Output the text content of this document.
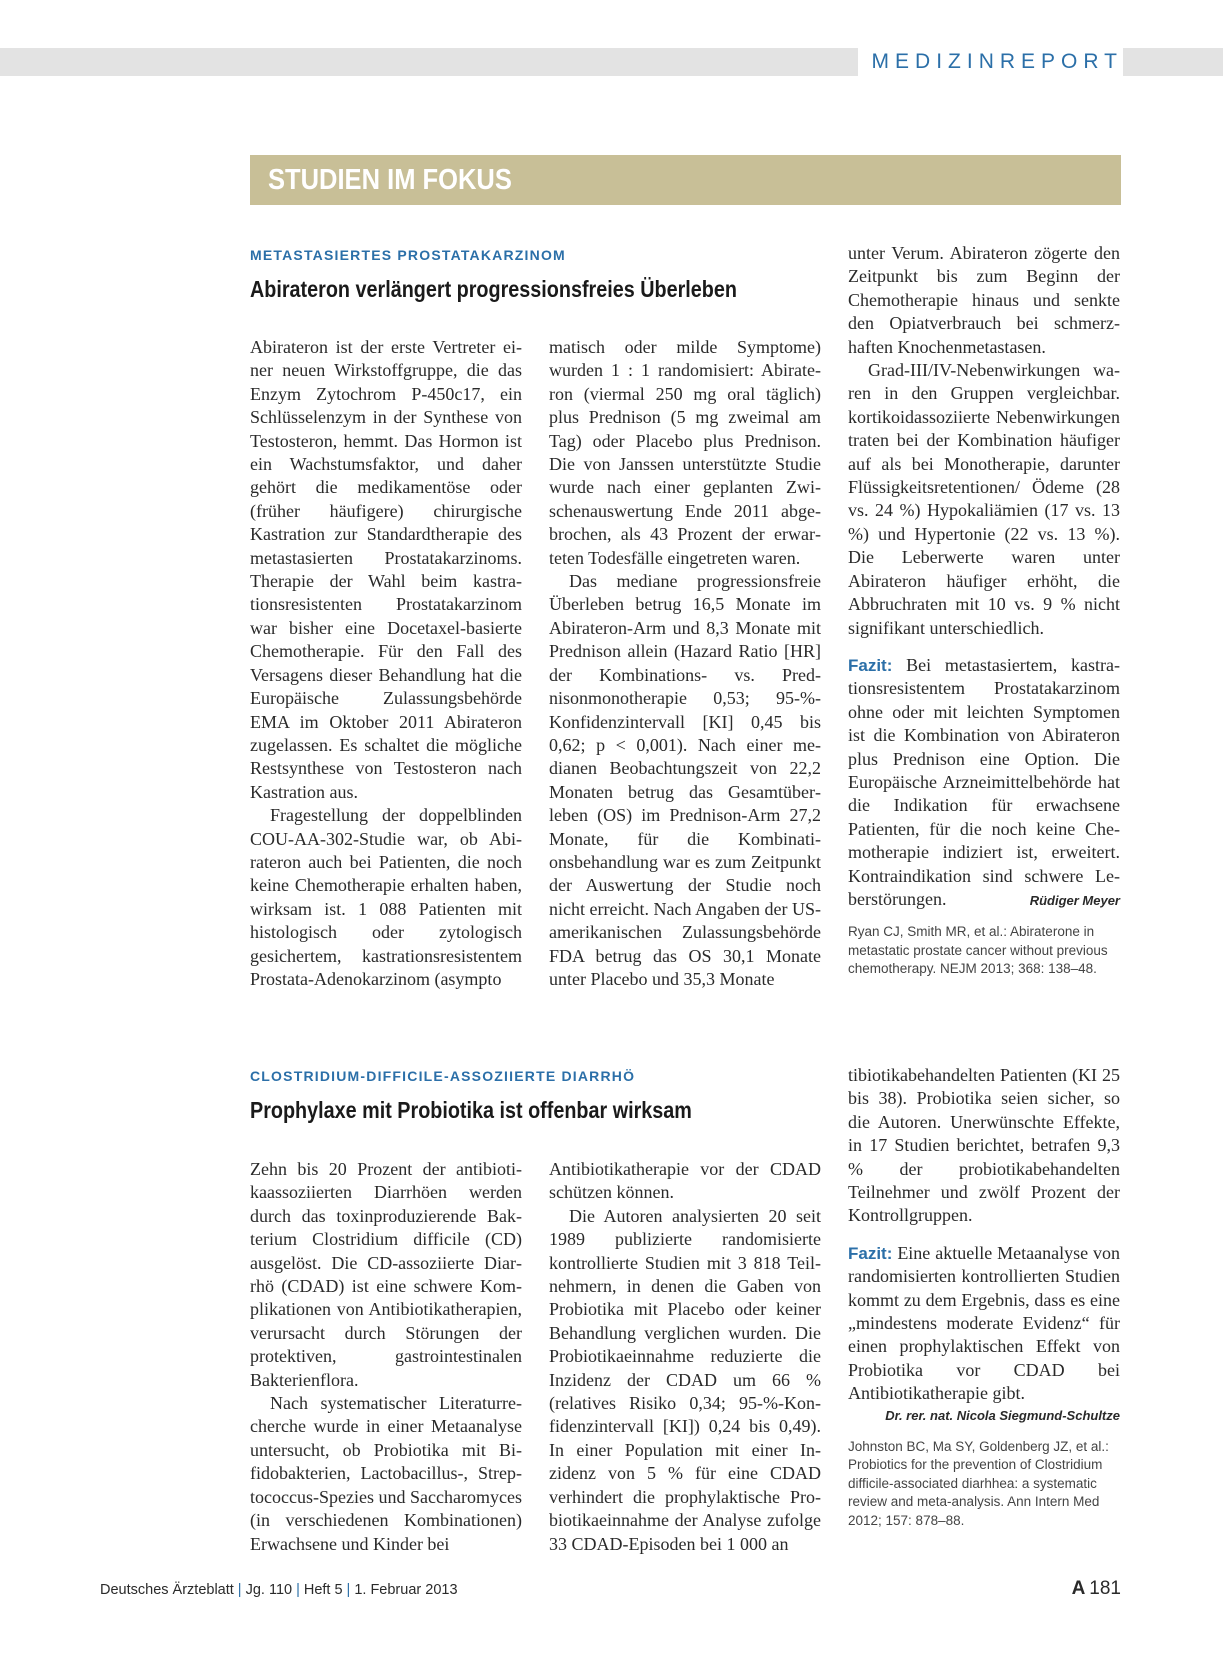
MEDIZINREPORT
STUDIEN IM FOKUS
METASTASIERTES PROSTATAKARZINOM
Abirateron verlängert progressionsfreies Überleben

Abirateron ist der erste Vertreter einer neuen Wirkstoffgruppe, die das Enzym Zytochrom P-450c17, ein Schlüsselenzym in der Synthese von Testosteron, hemmt. Das Hormon ist ein Wachstumsfaktor, und daher gehört die medikamentöse oder (früher häufigere) chirurgische Kastration zur Standardtherapie des metastasierten Prostatakarzinoms. Therapie der Wahl beim kastrationsresistenten Prostatakarzinom war bisher eine Docetaxel-basierte Chemotherapie. Für den Fall des Versagens dieser Behandlung hat die Europäische Zulassungsbehörde EMA im Oktober 2011 Abirateron zugelassen. Es schaltet die mögliche Restsynthese von Testosteron nach Kastration aus.

Fragestellung der doppelblinden COU-AA-302-Studie war, ob Abirateron auch bei Patienten, die noch keine Chemotherapie erhalten haben, wirksam ist. 1 088 Patienten mit histologisch oder zytologisch gesichertem, kastrationsresistentem Prostata-Adenokarzinom (asympto

matisch oder milde Symptome) wurden 1 : 1 randomisiert: Abirateron (viermal 250 mg oral täglich) plus Prednison (5 mg zweimal am Tag) oder Placebo plus Prednison. Die von Janssen unterstützte Studie wurde nach einer geplanten Zwischenauswertung Ende 2011 abgebrochen, als 43 Prozent der erwarteten Todesfälle eingetreten waren.

Das mediane progressionsfreie Überleben betrug 16,5 Monate im Abirateron-Arm und 8,3 Monate mit Prednison allein (Hazard Ratio [HR] der Kombinations- vs. Prednisonmonotherapie 0,53; 95-%-Konfidenzintervall [KI] 0,45 bis 0,62; p < 0,001). Nach einer medianen Beobachtungszeit von 22,2 Monaten betrug das Gesamtüberleben (OS) im Prednison-Arm 27,2 Monate, für die Kombinationsbehandlung war es zum Zeitpunkt der Auswertung der Studie noch nicht erreicht. Nach Angaben der US-amerikanischen Zulassungsbehörde FDA betrug das OS 30,1 Monate unter Placebo und 35,3 Monate

unter Verum. Abirateron zögerte den Zeitpunkt bis zum Beginn der Chemotherapie hinaus und senkte den Opiatverbrauch bei schmerzhaften Knochenmetastasen.

Grad-III/IV-Nebenwirkungen waren in den Gruppen vergleichbar. kortikoidassoziierte Nebenwirkungen traten bei der Kombination häufiger auf als bei Monotherapie, darunter Flüssigkeitsretentionen/ Ödeme (28 vs. 24 %) Hypokaliämien (17 vs. 13 %) und Hypertonie (22 vs. 13 %). Die Leberwerte waren unter Abirateron häufiger erhöht, die Abbruchraten mit 10 vs. 9 % nicht signifikant unterschiedlich.

Fazit: Bei metastasiertem, kastrationsresistentem Prostatakarzinom ohne oder mit leichten Symptomen ist die Kombination von Abirateron plus Prednison eine Option. Die Europäische Arzneimittelbehörde hat die Indikation für erwachsene Patienten, für die noch keine Chemotherapie indiziert ist, erweitert. Kontraindikation sind schwere Leberstörungen.	Rüdiger Meyer

Ryan CJ, Smith MR, et al.: Abiraterone in metastatic prostate cancer without previous chemotherapy. NEJM 2013; 368: 138–48.

CLOSTRIDIUM-DIFFICILE-ASSOZIIERTE DIARRHÖ
Prophylaxe mit Probiotika ist offenbar wirksam

Zehn bis 20 Prozent der antibiotikaassoziierten Diarrhöen werden durch das toxinproduzierende Bakterium Clostridium difficile (CD) ausgelöst. Die CD-assoziierte Diarrhö (CDAD) ist eine schwere Komplikationen von Antibiotikatherapien, verursacht durch Störungen der protektiven, gastrointestinalen Bakterienflora.

Nach systematischer Literaturrecherche wurde in einer Metaanalyse untersucht, ob Probiotika mit Bifidobakterien, Lactobacillus-, Streptococcus-Spezies und Saccharomyces (in verschiedenen Kombinationen) Erwachsene und Kinder bei

Antibiotikatherapie vor der CDAD schützen können.

Die Autoren analysierten 20 seit 1989 publizierte randomisierte kontrollierte Studien mit 3 818 Teilnehmern, in denen die Gaben von Probiotika mit Placebo oder keiner Behandlung verglichen wurden. Die Probiotikaeinnahme reduzierte die Inzidenz der CDAD um 66 % (relatives Risiko 0,34; 95-%-Konfidenzintervall [KI]) 0,24 bis 0,49). In einer Population mit einer Inzidenz von 5 % für eine CDAD verhindert die prophylaktische Probiotikaeinnahme der Analyse zufolge 33 CDAD-Episoden bei 1 000 an

tibiotikabehandelten Patienten (KI 25 bis 38). Probiotika seien sicher, so die Autoren. Unerwünschte Effekte, in 17 Studien berichtet, betrafen 9,3 % der probiotikabehandelten Teilnehmer und zwölf Prozent der Kontrollgruppen.

Fazit: Eine aktuelle Metaanalyse von randomisierten kontrollierten Studien kommt zu dem Ergebnis, dass es eine „mindestens moderate Evidenz“ für einen prophylaktischen Effekt von Probiotika vor CDAD bei Antibiotikatherapie gibt.

Dr. rer. nat. Nicola Siegmund-Schultze

Johnston BC, Ma SY, Goldenberg JZ, et al.: Probiotics for the prevention of Clostridium difficile-associated diarhhea: a systematic review and meta-analysis. Ann Intern Med 2012; 157: 878–88.

Deutsches Ärzteblatt | Jg. 110 | Heft 5 | 1. Februar 2013	A 181
